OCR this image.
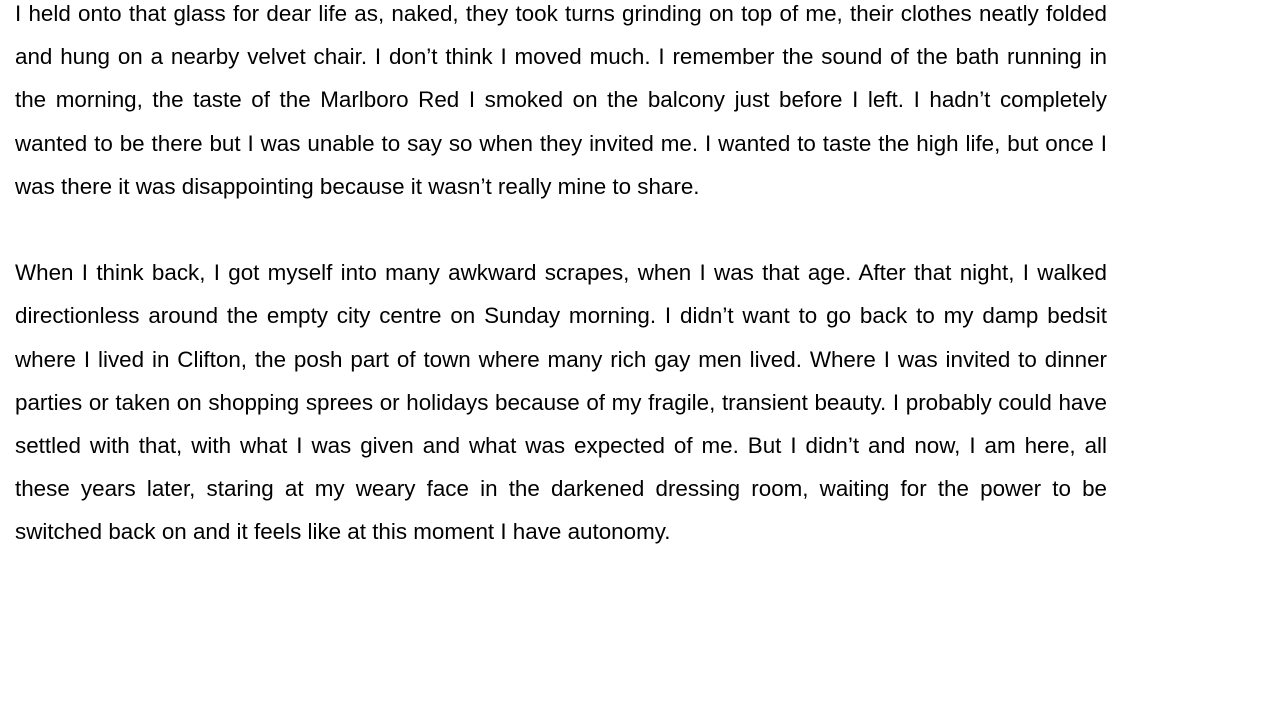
I held onto that glass for dear life as, naked, they took turns grinding on top of me, their clothes neatly folded and hung on a nearby velvet chair. I don’t think I moved much. I remember the sound of the bath running in the morning, the taste of the Marlboro Red I smoked on the balcony just before I left. I hadn’t completely wanted to be there but I was unable to say so when they invited me. I wanted to taste the high life, but once I was there it was disappointing because it wasn’t really mine to share.

When I think back, I got myself into many awkward scrapes, when I was that age. After that night, I walked directionless around the empty city centre on Sunday morning. I didn’t want to go back to my damp bedsit where I lived in Clifton, the posh part of town where many rich gay men lived. Where I was invited to dinner parties or taken on shopping sprees or holidays because of my fragile, transient beauty. I probably could have settled with that, with what I was given and what was expected of me. But I didn’t and now, I am here, all these years later, staring at my weary face in the darkened dressing room, waiting for the power to be switched back on and it feels like at this moment I have autonomy.
